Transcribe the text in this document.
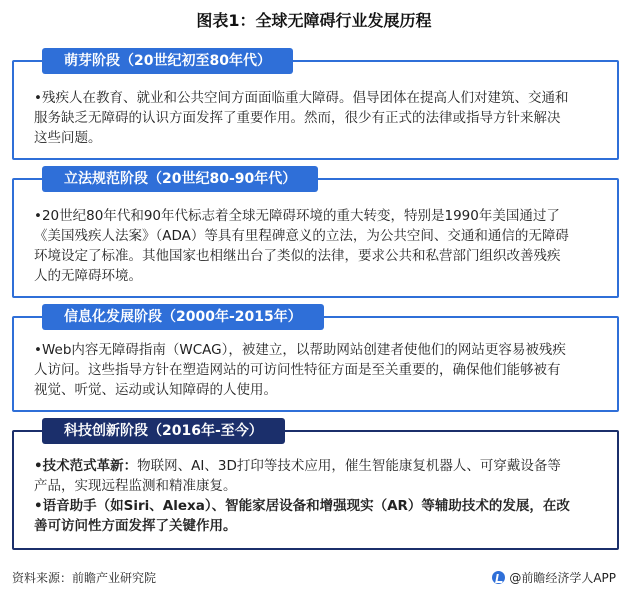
图表1：全球无障碍行业发展历程
萌芽阶段（20世纪初至80年代）

•残疾人在教育、就业和公共空间方面面临重大障碍。倡导团体在提高人们对建筑、交通和服务缺乏无障碍的认识方面发挥了重要作用。然而，很少有正式的法律或指导方针来解决这些问题。

立法规范阶段（20世纪80-90年代）

•20世纪80年代和90年代标志着全球无障碍环境的重大转变，特别是1990年美国通过了《美国残疾人法案》（ADA）等具有里程碑意义的立法，为公共空间、交通和通信的无障碍环境设定了标准。其他国家也相继出台了类似的法律，要求公共和私营部门组织改善残疾人的无障碍环境。

信息化发展阶段（2000年-2015年）

•Web内容无障碍指南（WCAG），被建立，以帮助网站创建者使他们的网站更容易被残疾人访问。这些指导方针在塑造网站的可访问性特征方面是至关重要的，确保他们能够被有视觉、听觉、运动或认知障碍的人使用。

科技创新阶段（2016年-至今）

•技术范式革新：物联网、AI、3D打印等技术应用，催生智能康复机器人、可穿戴设备等产品，实现远程监测和精准康复。

•语音助手（如Siri、Alexa）、智能家居设备和增强现实（AR）等辅助技术的发展，在改善可访问性方面发挥了关键作用。

资料来源：前瞻产业研究院	@前瞻经济学人APP
